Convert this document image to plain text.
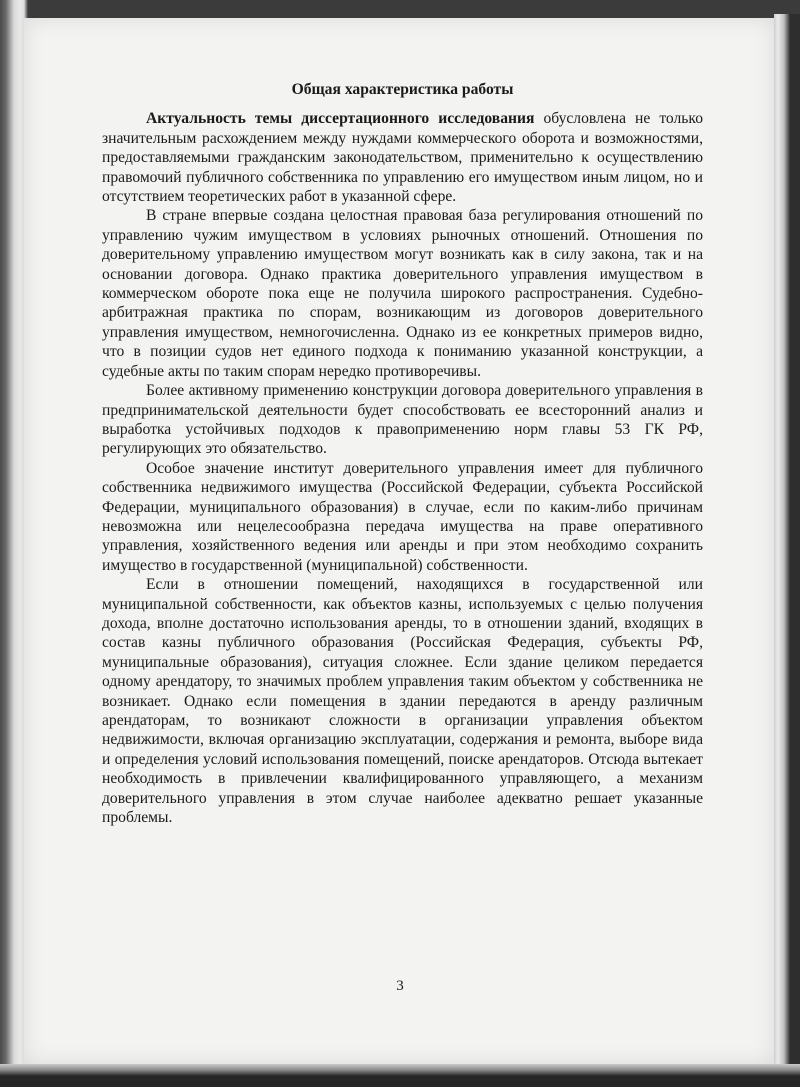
Общая характеристика работы

Актуальность темы диссертационного исследования обусловлена не только значительным расхождением между нуждами коммерческого оборота и возможностями, предоставляемыми гражданским законодательством, применительно к осуществлению правомочий публичного собственника по управлению его имуществом иным лицом, но и отсутствием теоретических работ в указанной сфере.

В стране впервые создана целостная правовая база регулирования отношений по управлению чужим имуществом в условиях рыночных отношений. Отношения по доверительному управлению имуществом могут возникать как в силу закона, так и на основании договора. Однако практика доверительного управления имуществом в коммерческом обороте пока еще не получила широкого распространения. Судебно-арбитражная практика по спорам, возникающим из договоров доверительного управления имуществом, немногочисленна. Однако из ее конкретных примеров видно, что в позиции судов нет единого подхода к пониманию указанной конструкции, а судебные акты по таким спорам нередко противоречивы.

Более активному применению конструкции договора доверительного управления в предпринимательской деятельности будет способствовать ее всесторонний анализ и выработка устойчивых подходов к правоприменению норм главы 53 ГК РФ, регулирующих это обязательство.

Особое значение институт доверительного управления имеет для публичного собственника недвижимого имущества (Российской Федерации, субъекта Российской Федерации, муниципального образования) в случае, если по каким-либо причинам невозможна или нецелесообразна передача имущества на праве оперативного управления, хозяйственного ведения или аренды и при этом необходимо сохранить имущество в государственной (муниципальной) собственности.

Если в отношении помещений, находящихся в государственной или муниципальной собственности, как объектов казны, используемых с целью получения дохода, вполне достаточно использования аренды, то в отношении зданий, входящих в состав казны публичного образования (Российская Федерация, субъекты РФ, муниципальные образования), ситуация сложнее. Если здание целиком передается одному арендатору, то значимых проблем управления таким объектом у собственника не возникает. Однако если помещения в здании передаются в аренду различным арендаторам, то возникают сложности в организации управления объектом недвижимости, включая организацию эксплуатации, содержания и ремонта, выборе вида и определения условий использования помещений, поиске арендаторов. Отсюда вытекает необходимость в привлечении квалифицированного управляющего, а механизм доверительного управления в этом случае наиболее адекватно решает указанные проблемы.

3
